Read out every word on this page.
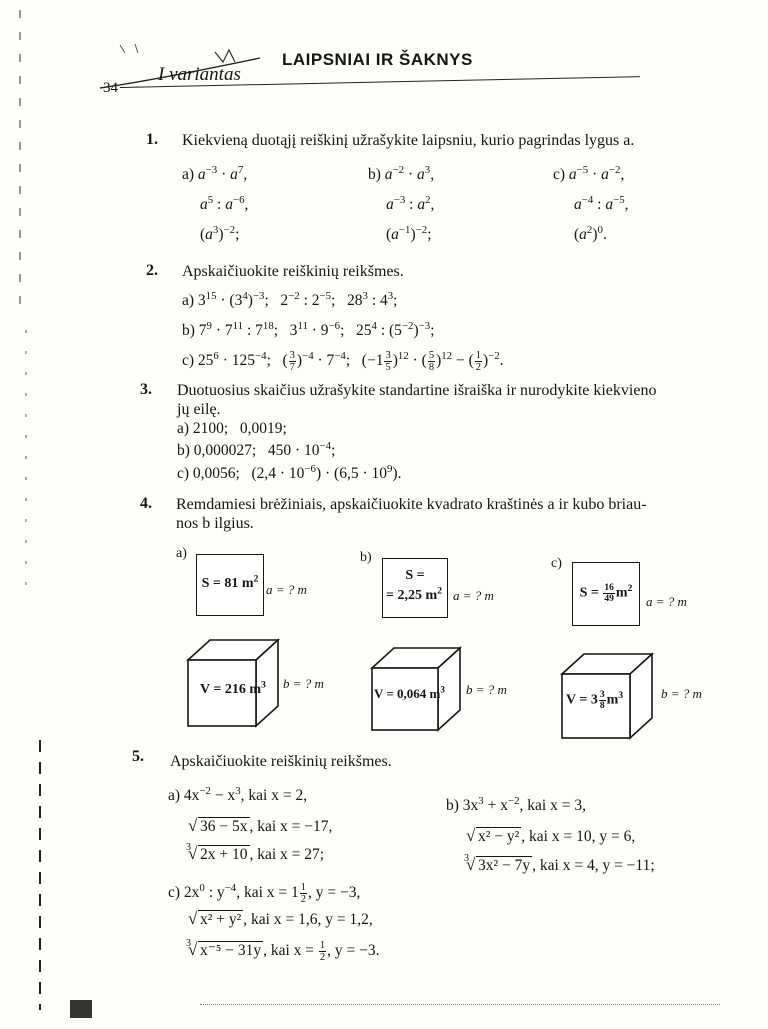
I variantas
LAIPSNIAI IR ŠAKNYS
34
1. Kiekvieną duotąjį reiškinį užrašykite laipsniu, kurio pagrindas lygus a.
a) $a^{-3} \cdot a^7$,
$a^5$ : $a^{-6}$,
$(a^3)^{-2}$;
b) $a^{-2} \cdot a^3$,
$a^{-3}$ : $a^2$,
$(a^{-1})^{-2}$;
c) $a^{-5} \cdot a^{-2}$,
$a^{-4}$ : $a^{-5}$,
$(a^2)^0$.
2. Apskaičiuokite reiškinių reikšmes.
a) $3^{15} \cdot (3^4)^{-3}$;   $2^{-2}$ : $2^{-5}$;   $28^3$ : $4^3$;
b) $7^9 \cdot 7^{11}$ : $7^{18}$;   $3^{11} \cdot 9^{-6}$;   $25^4$ : $(5^{-2})^{-3}$;
c) $25^6 \cdot 125^{-4}$;   ( $\frac{3}{7} )^{-4} \cdot 7^{-4}$;   $(-1 \frac{3}{5} )^{12}$ · ( $\frac{5}{8} )^{12}$ − ( $\frac{1}{2} )^{-2}$.
3. Duotuosius skaičius užrašykite standartine išraiška ir nurodykite kiekvieno
jų eilę.
a) 2100;   0,0019;
b) 0,000027;   $450 \cdot 10^{-4}$;
c) 0,0056;   $(2,4 \cdot 10^{-6}) \cdot (6,5 \cdot 10^9)$.
4. Remdamiesi brėžiniais, apskaičiuokite kvadrato kraštinės a ir kubo briau-
nos b ilgius.
a)
S = 81 $m^2$
a = ? m
b)
S =
= 2,25 $m^2$ a = ? m
c)
$S = \frac{16}{49} m^2$
a = ? m
V = 216 $m^3$ b = ? m
V = 0,064 $m^3$ b = ? m
$V = 3 \frac{3}{8} m^3$	b = ? m
5. Apskaičiuokite reiškinių reikšmes.
a) $4x^{-2} - x^3$, kai x = 2,
√ 36 − 5x , kai x = −17,
√ 3 2x + 10 , kai x = 27;
b) $3x^3 + x^{-2}$, kai x = 3,
√ x² − y² , kai x = 10, y = 6,
√ 3 3x² − 7y , kai x = 4, y = −11;
c) $2x^0$ : $y^{-4}$, kai $x = 1 \frac{1}{2}$ , y = −3,
√ x² + y² , kai x = 1,6, y = 1,2,
√ 3 x⁻⁵ − 31y , kai $x = \frac{1}{2}$ , y = −3.
